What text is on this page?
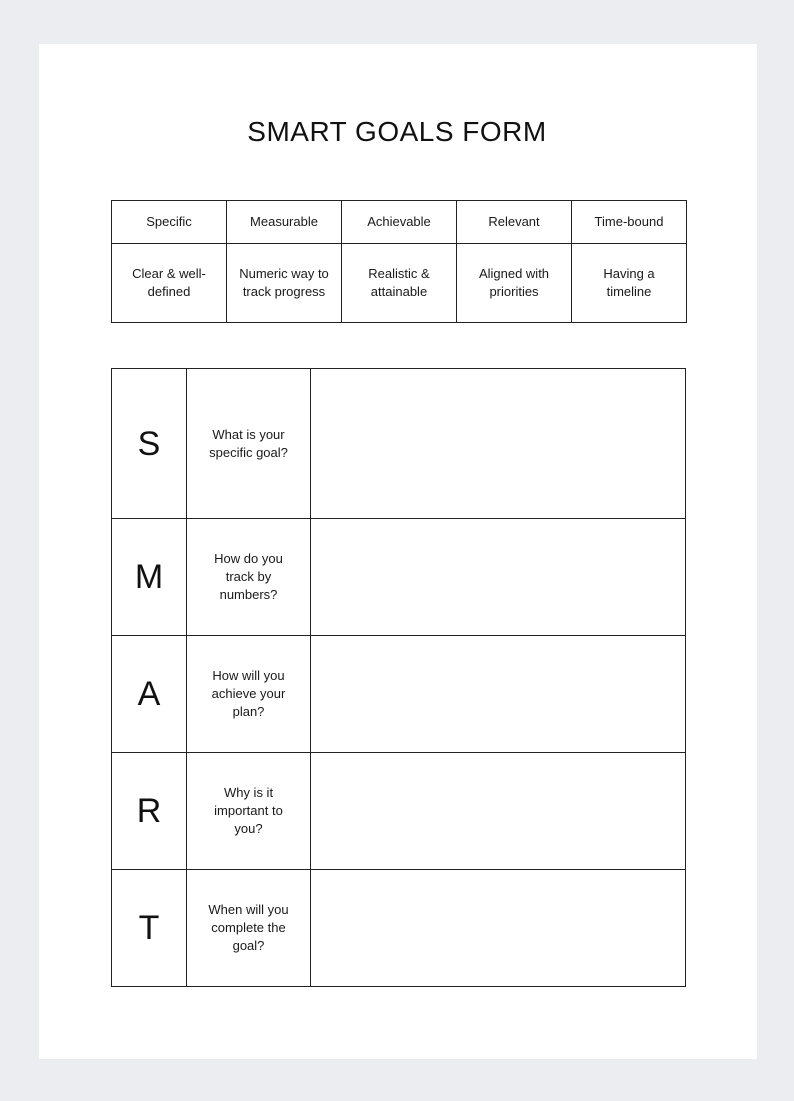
SMART GOALS FORM
Specific	Measurable	Achievable	Relevant	Time-bound
Clear & well-defined	Numeric way to track progress	Realistic & attainable	Aligned with priorities	Having a timeline
S	What is your specific goal?	
M	How do you track by numbers?	
A	How will you achieve your plan?	
R	Why is it important to you?	
T	When will you complete the goal?	
